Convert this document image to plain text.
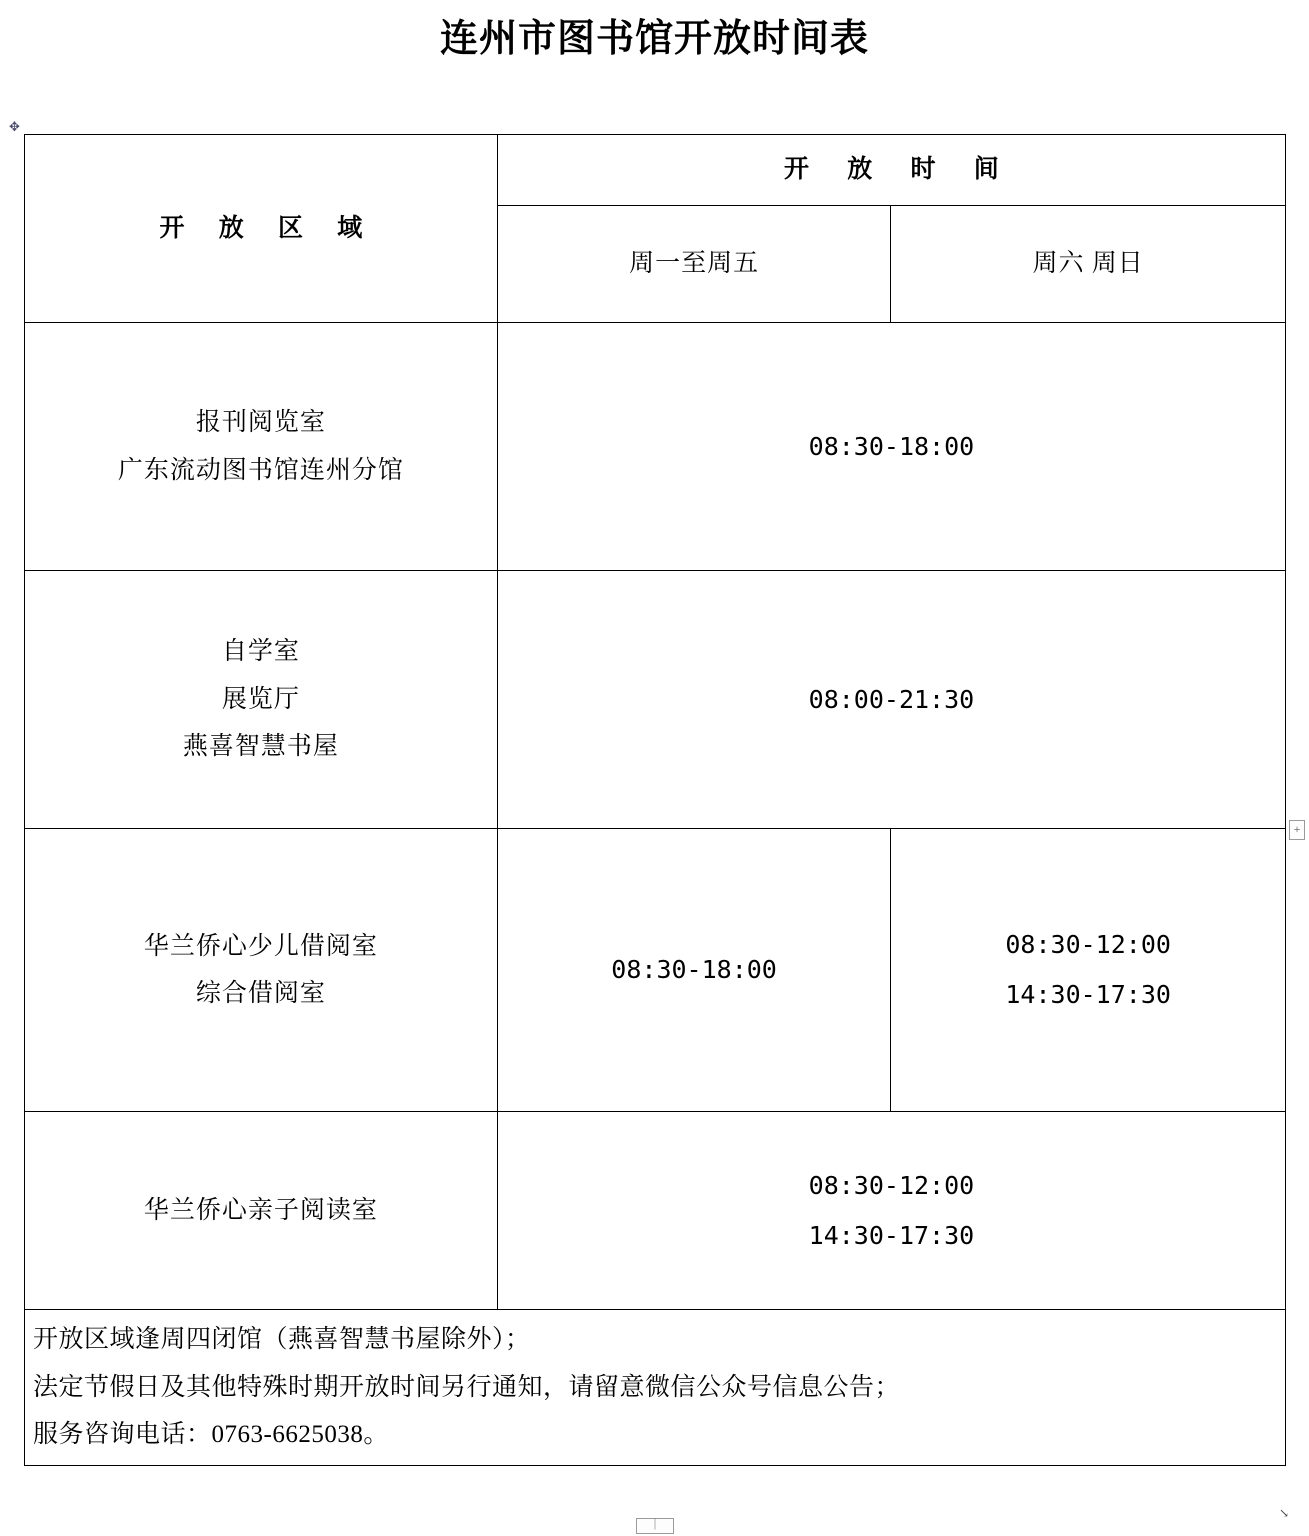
连州市图书馆开放时间表
✥
+
｜
↘
开 放 区 域	开 放 时 间	
	周一至周五	周六 周日

报刊阅览室
广东流动图书馆连州分馆	08:30-18:00	

自学室
展览厅
燕喜智慧书屋	08:00-21:30	

华兰侨心少儿借阅室
综合借阅室	08:30-18:00	08:30-12:00
14:30-17:30

华兰侨心亲子阅读室	08:30-12:00
14:30-17:30	

开放区域逢周四闭馆（燕喜智慧书屋除外）；
法定节假日及其他特殊时期开放时间另行通知，请留意微信公众号信息公告；
服务咨询电话：0763-6625038。		
